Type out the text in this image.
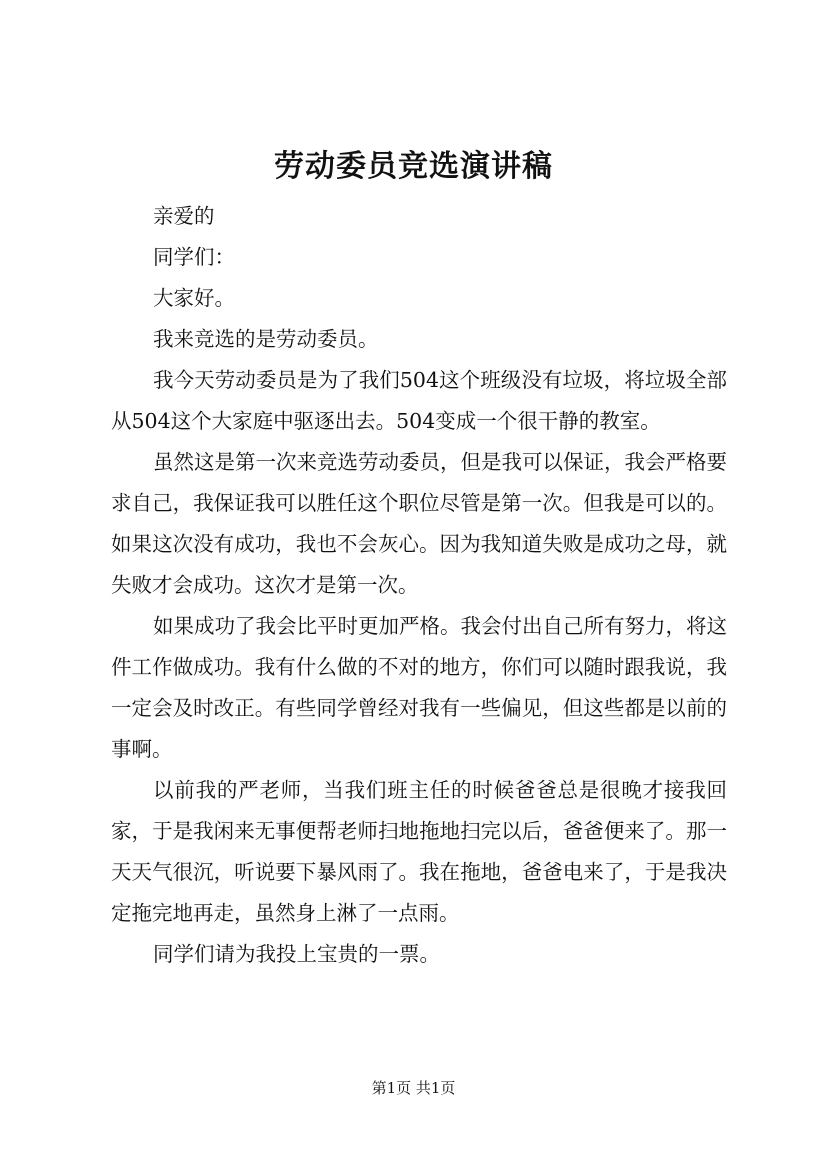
劳动委员竞选演讲稿

亲爱的

同学们：

大家好。

我来竞选的是劳动委员。

我今天劳动委员是为了我们504这个班级没有垃圾，将垃圾全部从504这个大家庭中驱逐出去。504变成一个很干静的教室。

虽然这是第一次来竞选劳动委员，但是我可以保证，我会严格要求自己，我保证我可以胜任这个职位尽管是第一次。但我是可以的。如果这次没有成功，我也不会灰心。因为我知道失败是成功之母，就失败才会成功。这次才是第一次。

如果成功了我会比平时更加严格。我会付出自己所有努力，将这件工作做成功。我有什么做的不对的地方，你们可以随时跟我说，我一定会及时改正。有些同学曾经对我有一些偏见，但这些都是以前的事啊。

以前我的严老师，当我们班主任的时候爸爸总是很晚才接我回家，于是我闲来无事便帮老师扫地拖地扫完以后，爸爸便来了。那一天天气很沉，听说要下暴风雨了。我在拖地，爸爸电来了，于是我决定拖完地再走，虽然身上淋了一点雨。

同学们请为我投上宝贵的一票。

第1页 共1页
